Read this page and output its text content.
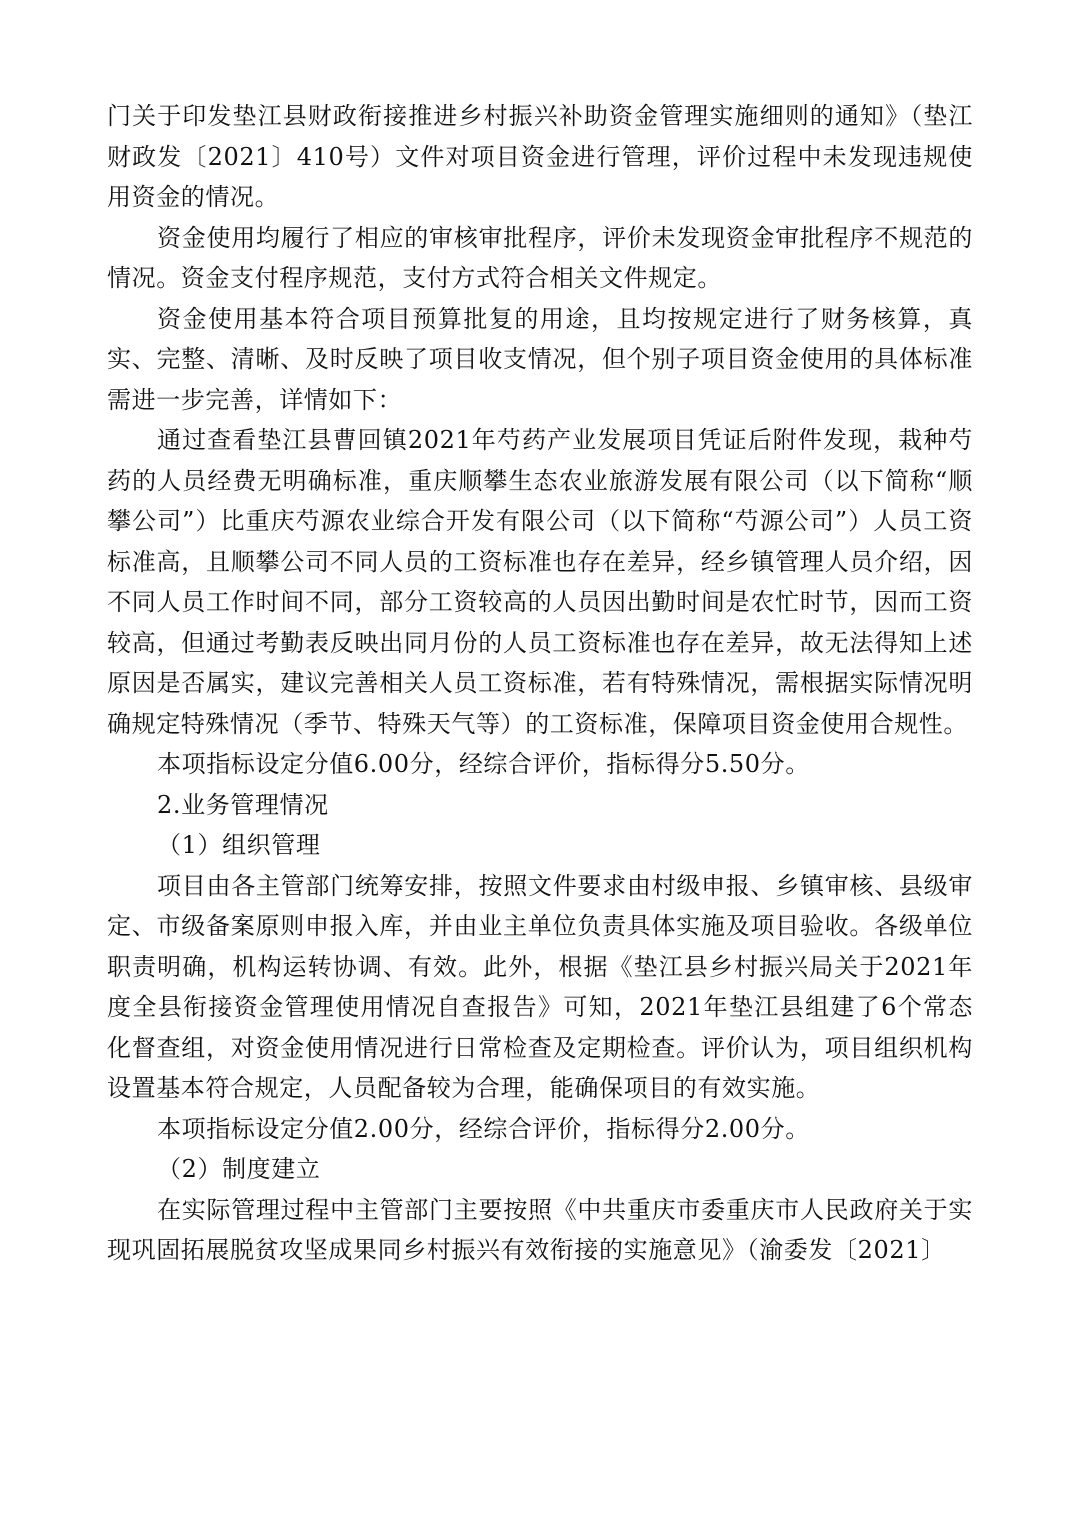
门关于印发垫江县财政衔接推进乡村振兴补助资金管理实施细则的通知》（垫江财政发〔2021〕410号）文件对项目资金进行管理，评价过程中未发现违规使用资金的情况。

资金使用均履行了相应的审核审批程序，评价未发现资金审批程序不规范的情况。资金支付程序规范，支付方式符合相关文件规定。

资金使用基本符合项目预算批复的用途，且均按规定进行了财务核算，真实、完整、清晰、及时反映了项目收支情况，但个别子项目资金使用的具体标准需进一步完善，详情如下：

通过查看垫江县曹回镇2021年芍药产业发展项目凭证后附件发现，栽种芍药的人员经费无明确标准，重庆顺攀生态农业旅游发展有限公司（以下简称“顺攀公司”）比重庆芍源农业综合开发有限公司（以下简称“芍源公司”）人员工资标准高，且顺攀公司不同人员的工资标准也存在差异，经乡镇管理人员介绍，因不同人员工作时间不同，部分工资较高的人员因出勤时间是农忙时节，因而工资较高，但通过考勤表反映出同月份的人员工资标准也存在差异，故无法得知上述原因是否属实，建议完善相关人员工资标准，若有特殊情况，需根据实际情况明确规定特殊情况（季节、特殊天气等）的工资标准，保障项目资金使用合规性。

本项指标设定分值6.00分，经综合评价，指标得分5.50分。

2.业务管理情况

（1）组织管理

项目由各主管部门统筹安排，按照文件要求由村级申报、乡镇审核、县级审定、市级备案原则申报入库，并由业主单位负责具体实施及项目验收。各级单位职责明确，机构运转协调、有效。此外，根据《垫江县乡村振兴局关于2021年度全县衔接资金管理使用情况自查报告》可知，2021年垫江县组建了6个常态化督查组，对资金使用情况进行日常检查及定期检查。评价认为，项目组织机构设置基本符合规定，人员配备较为合理，能确保项目的有效实施。

本项指标设定分值2.00分，经综合评价，指标得分2.00分。

（2）制度建立

在实际管理过程中主管部门主要按照《中共重庆市委重庆市人民政府关于实现巩固拓展脱贫攻坚成果同乡村振兴有效衔接的实施意见》（渝委发〔2021〕
